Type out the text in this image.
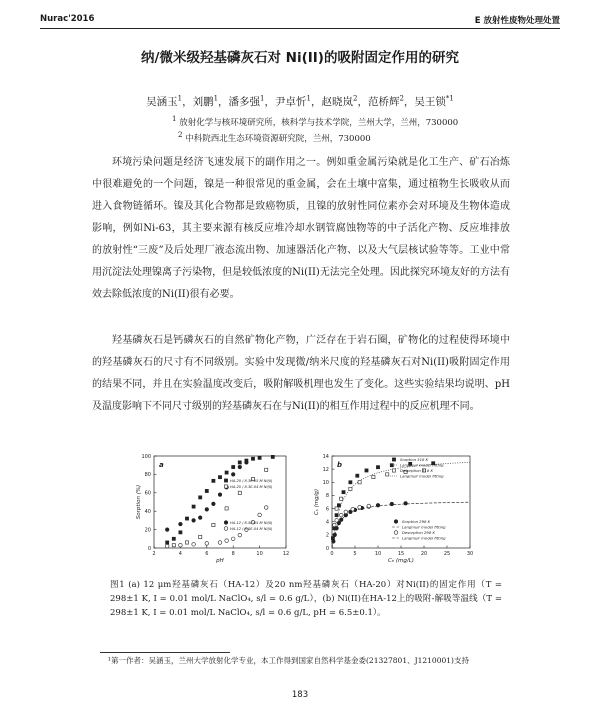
Nurac'2016	E 放射性废物处理处置
纳/微米级羟基磷灰石对 Ni(II)的吸附固定作用的研究
吴涵玉$^1$，刘鹏$^1$，潘多强$^1$，尹卓忻$^1$，赵晓岚$^2$，范桥辉$^2$，吴王锁$^{*1}$
$^1$ 放射化学与核环境研究所，核科学与技术学院，兰州大学，兰州，730000
$^2$ 中科院西北生态环境资源研究院，兰州，730000

环境污染问题是经济飞速发展下的副作用之一。例如重金属污染就是化工生产、矿石冶炼中很难避免的一个问题，镍是一种很常见的重金属，会在土壤中富集，通过植物生长吸收从而进入食物链循环。镍及其化合物都是致癌物质，且镍的放射性同位素亦会对环境及生物体造成影响，例如Ni-63，其主要来源有核反应堆冷却水钢管腐蚀物等的中子活化产物、反应堆排放的放射性“三废”及后处理厂液态流出物、加速器活化产物、以及大气层核试验等等。工业中常用沉淀法处理镍离子污染物，但是较低浓度的Ni(II)无法完全处理。因此探究环境友好的方法有效去除低浓度的Ni(II)很有必要。

羟基磷灰石是钙磷灰石的自然矿物化产物，广泛存在于岩石圈，矿物化的过程使得环境中的羟基磷灰石的尺寸有不同级别。实验中发现微/纳米尺度的羟基磷灰石对Ni(II)吸附固定作用的结果不同，并且在实验温度改变后，吸附解吸机理也发生了变化。这些实验结果均说明、pH及温度影响下不同尺寸级别的羟基磷灰石在与Ni(II)的相互作用过程中的反应机理不同。

2	4	6	8	10	12
0
20
40
60
80
100
pH
Sorption (%)
a
HA-20 / 8.3E-05 M Ni(II)
HA-20 / 8.3E-04 M Ni(II)
HA-12 / 8.5E-05 M Ni(II)
HA-12 / 8.5E-04 M Ni(II)
0	5	10	15	20	25	30
0
2
4
6
8
10
12
14
Cₑ (mg/L)
Cₛ (mg/g)
b
Sorption 318 K
Langmuir model fitting
Desorption 318 K
Langmuir model fitting
Sorption 298 K
Langmuir model fitting
Desorption 298 K
Langmuir model fitting
图1 (a) 12 μm羟基磷灰石（HA-12）及20 nm羟基磷灰石（HA-20）对Ni(II)的固定作用（T = 298±1 K, I = 0.01 mol/L NaClO₄, s/l = 0.6 g/L），(b) Ni(II)在HA-12上的吸附-解吸等温线（T = 298±1 K, I = 0.01 mol/L NaClO₄, s/l = 0.6 g/L, pH = 6.5±0.1）。
¹第一作者：吴涵玉，兰州大学放射化学专业，本工作得到国家自然科学基金委(21327801、J1210001)支持
183
